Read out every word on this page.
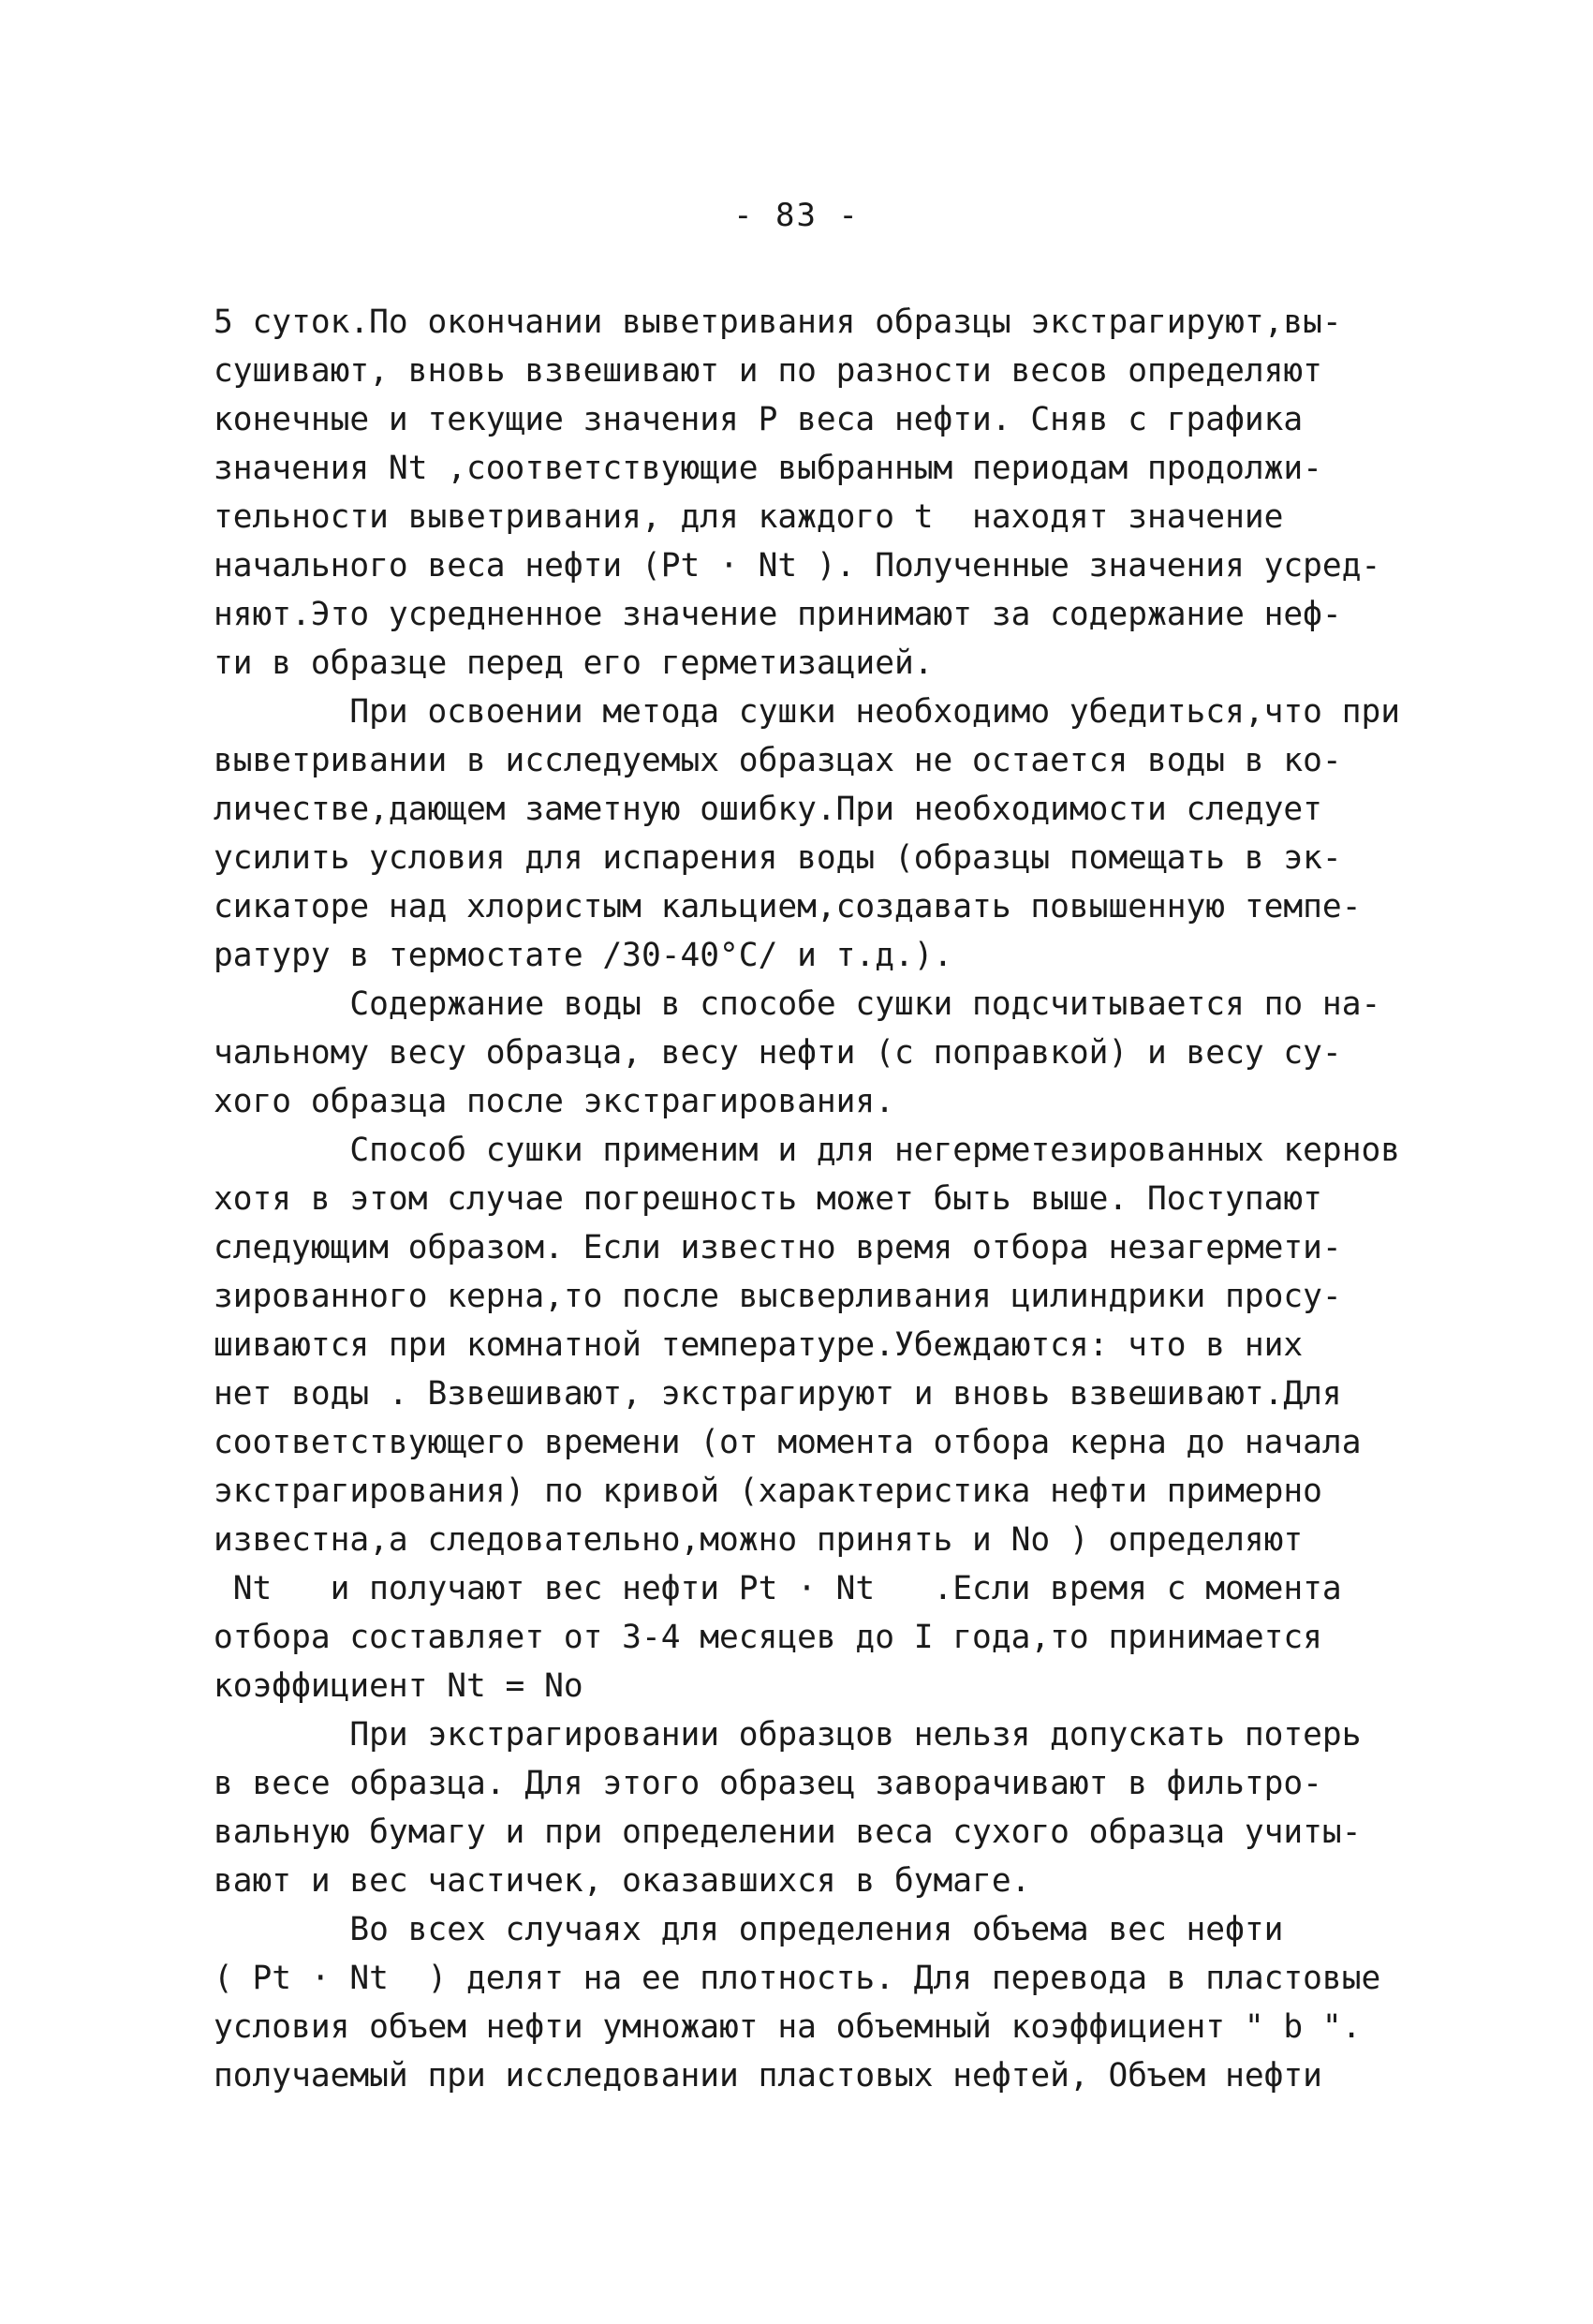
- 83 -
5 суток.По окончании выветривания образцы экстрагируют,вы-
сушивают, вновь взвешивают и по разности весов определяют
конечные и текущие значения Р веса нефти. Сняв с графика
значения Nt ,соответствующие выбранным периодам продолжи-
тельности выветривания, для каждого t  находят значение
начального веса нефти (Pt · Nt ). Полученные значения усред-
няют.Это усредненное значение принимают за содержание неф-
ти в образце перед его герметизацией.
При освоении метода сушки необходимо убедиться,что при
выветривании в исследуемых образцах не остается воды в ко-
личестве,дающем заметную ошибку.При необходимости следует
усилить условия для испарения воды (образцы помещать в эк-
сикаторе над хлористым кальцием,создавать повышенную темпе-
ратуру в термостате /30-40°С/ и т.д.).
Содержание воды в способе сушки подсчитывается по на-
чальному весу образца, весу нефти (с поправкой) и весу су-
хого образца после экстрагирования.
Способ сушки применим и для негерметезированных кернов
хотя в этом случае погрешность может быть выше. Поступают
следующим образом. Если известно время отбора незагермети-
зированного керна,то после высверливания цилиндрики просу-
шиваются при комнатной температуре.Убеждаются: что в них
нет воды . Взвешивают, экстрагируют и вновь взвешивают.Для
соответствующего времени (от момента отбора керна до начала
экстрагирования) по кривой (характеристика нефти примерно
известна,а следовательно,можно принять и No ) определяют
Nt   и получают вес нефти Pt · Nt   .Если время с момента
отбора составляет от 3-4 месяцев до I года,то принимается
коэффициент Nt = No
При экстрагировании образцов нельзя допускать потерь
в весе образца. Для этого образец заворачивают в фильтро-
вальную бумагу и при определении веса сухого образца учиты-
вают и вес частичек, оказавшихся в бумаге.
Во всех случаях для определения объема вес нефти
( Pt · Nt  ) делят на ее плотность. Для перевода в пластовые
условия объем нефти умножают на объемный коэффициент " b ".
получаемый при исследовании пластовых нефтей, Объем нефти
